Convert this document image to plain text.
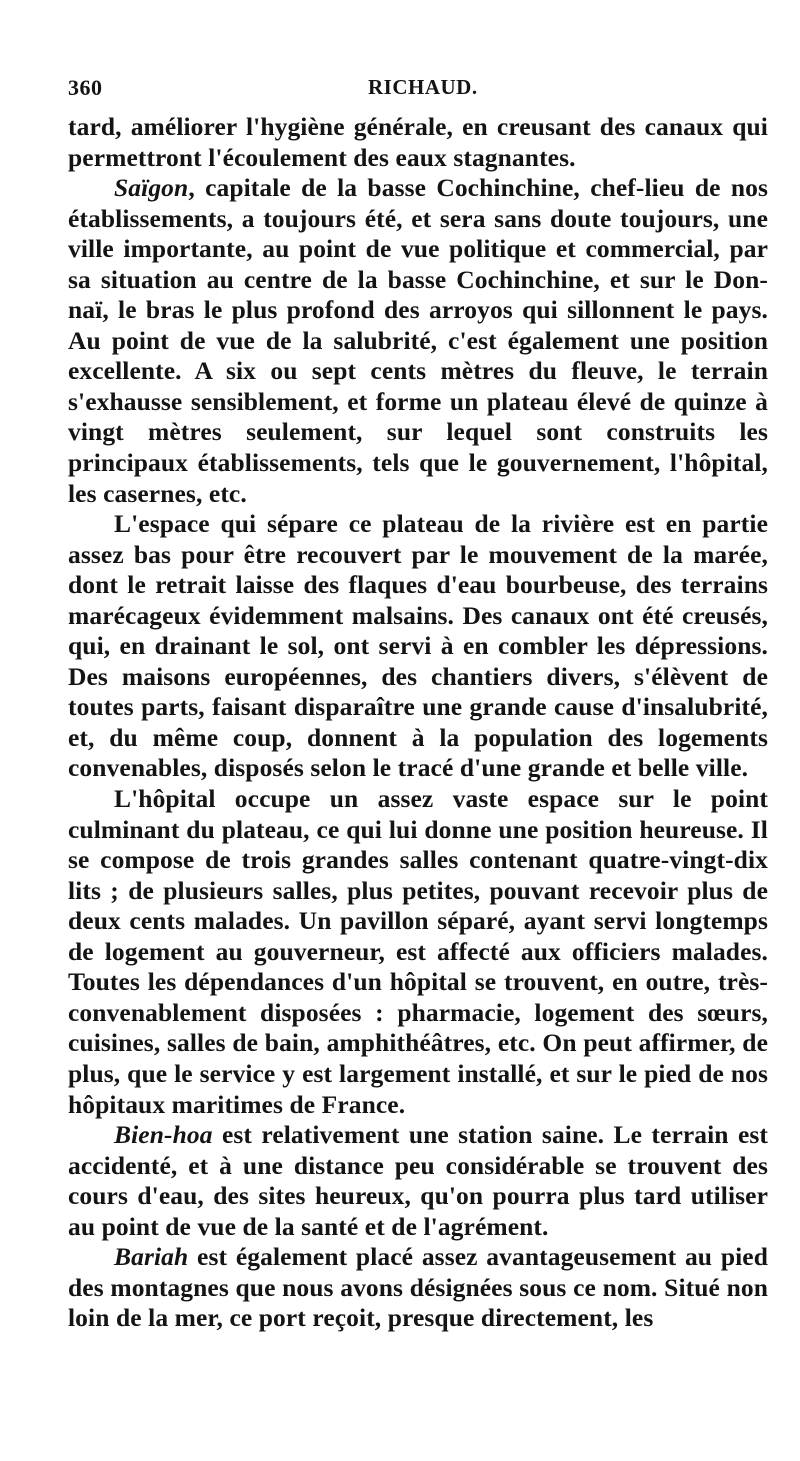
360	RICHAUD.

tard, améliorer l'hygiène générale, en creusant des canaux qui permettront l'écoulement des eaux stagnantes.

Saïgon, capitale de la basse Cochinchine, chef-lieu de nos établissements, a toujours été, et sera sans doute toujours, une ville importante, au point de vue politique et commercial, par sa situation au centre de la basse Cochinchine, et sur le Don-naï, le bras le plus profond des arroyos qui sillonnent le pays. Au point de vue de la salubrité, c'est également une position excellente. A six ou sept cents mètres du fleuve, le terrain s'exhausse sensiblement, et forme un plateau élevé de quinze à vingt mètres seulement, sur lequel sont construits les principaux établissements, tels que le gouvernement, l'hôpital, les casernes, etc.

L'espace qui sépare ce plateau de la rivière est en partie assez bas pour être recouvert par le mouvement de la marée, dont le retrait laisse des flaques d'eau bourbeuse, des terrains marécageux évidemment malsains. Des canaux ont été creusés, qui, en drainant le sol, ont servi à en combler les dépressions. Des maisons européennes, des chantiers divers, s'élèvent de toutes parts, faisant disparaître une grande cause d'insalubrité, et, du même coup, donnent à la population des logements convenables, disposés selon le tracé d'une grande et belle ville.

L'hôpital occupe un assez vaste espace sur le point culminant du plateau, ce qui lui donne une position heureuse. Il se compose de trois grandes salles contenant quatre-vingt-dix lits ; de plusieurs salles, plus petites, pouvant recevoir plus de deux cents malades. Un pavillon séparé, ayant servi longtemps de logement au gouverneur, est affecté aux officiers malades. Toutes les dépendances d'un hôpital se trouvent, en outre, très-convenablement disposées : pharmacie, logement des sœurs, cuisines, salles de bain, amphithéâtres, etc. On peut affirmer, de plus, que le service y est largement installé, et sur le pied de nos hôpitaux maritimes de France.

Bien-hoa est relativement une station saine. Le terrain est accidenté, et à une distance peu considérable se trouvent des cours d'eau, des sites heureux, qu'on pourra plus tard utiliser au point de vue de la santé et de l'agrément.

Bariah est également placé assez avantageusement au pied des montagnes que nous avons désignées sous ce nom. Situé non loin de la mer, ce port reçoit, presque directement, les
